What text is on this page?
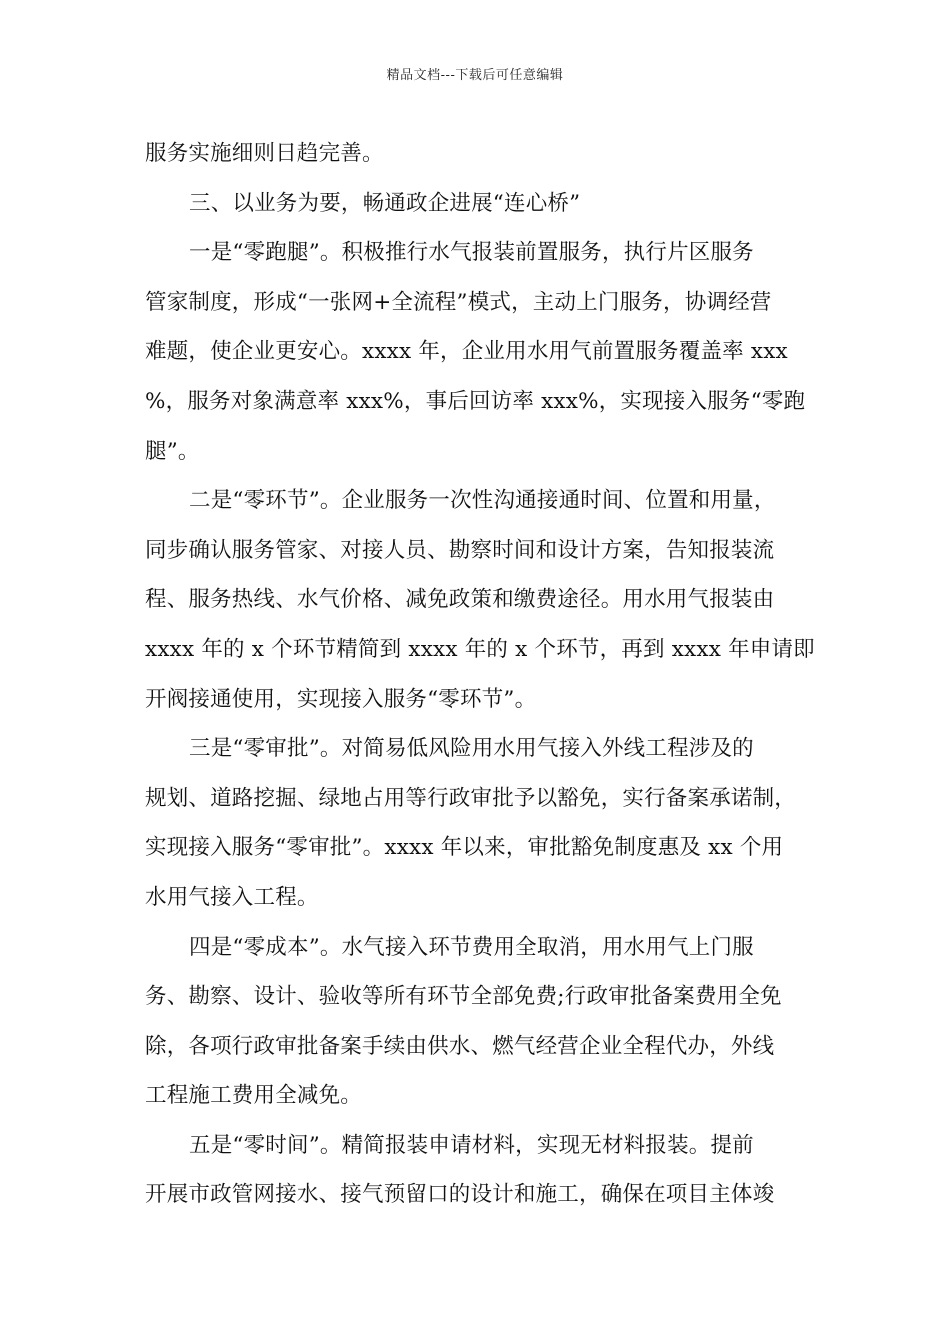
精品文档---下载后可任意编辑
服务实施细则日趋完善。
三、以业务为要，畅通政企进展“连心桥”
一是“零跑腿”。积极推行水气报装前置服务，执行片区服务
管家制度，形成“一张网+全流程”模式，主动上门服务，协调经营
难题，使企业更安心。xxxx 年，企业用水用气前置服务覆盖率 xxx
%，服务对象满意率 xxx%，事后回访率 xxx%，实现接入服务“零跑
腿”。
二是“零环节”。企业服务一次性沟通接通时间、位置和用量，
同步确认服务管家、对接人员、勘察时间和设计方案，告知报装流
程、服务热线、水气价格、减免政策和缴费途径。用水用气报装由
xxxx 年的 x 个环节精简到 xxxx 年的 x 个环节，再到 xxxx 年申请即
开阀接通使用，实现接入服务“零环节”。
三是“零审批”。对简易低风险用水用气接入外线工程涉及的
规划、道路挖掘、绿地占用等行政审批予以豁免，实行备案承诺制，
实现接入服务“零审批”。xxxx 年以来，审批豁免制度惠及 xx 个用
水用气接入工程。
四是“零成本”。水气接入环节费用全取消，用水用气上门服
务、勘察、设计、验收等所有环节全部免费;行政审批备案费用全免
除，各项行政审批备案手续由供水、燃气经营企业全程代办，外线
工程施工费用全减免。
五是“零时间”。精简报装申请材料，实现无材料报装。提前
开展市政管网接水、接气预留口的设计和施工，确保在项目主体竣
